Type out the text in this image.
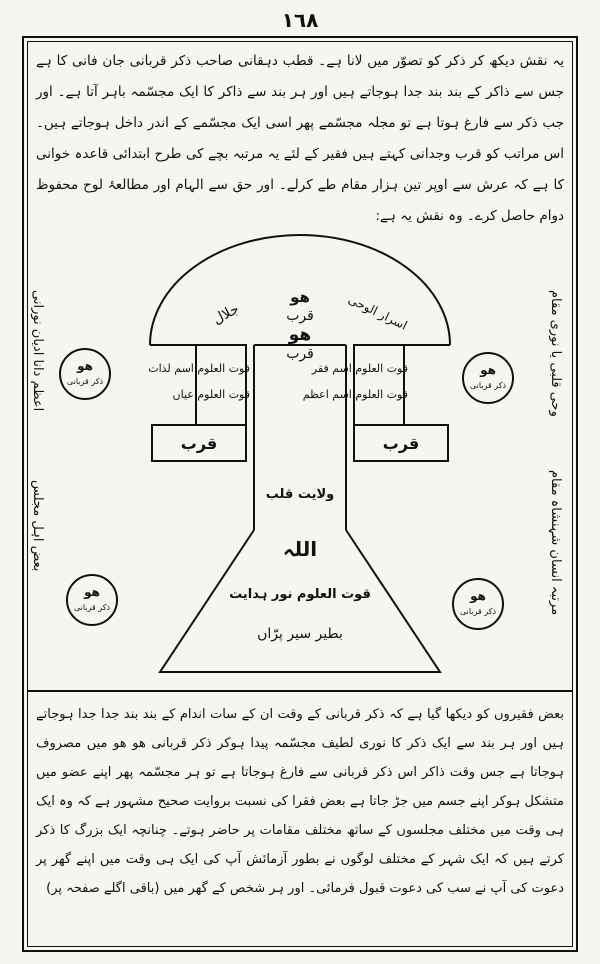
١٦٨
یہ نقش دیکھ کر ذکر کو تصوّر میں لانا ہے۔ قطب دہقانی صاحب ذکر قربانی جان فانی کا ہے جس سے ذاکر کے بند بند جدا ہوجاتے ہیں اور ہر بند سے ذاکر کا ایک مجسّمہ باہر آتا ہے۔ اور جب ذکر سے فارغ ہوتا ہے تو مجلہ مجسّمے پھر اسی ایک مجسّمے کے اندر داخل ہوجاتے ہیں۔ اس مراتب کو قرب وجدانی کہتے ہیں فقیر کے لئے یہ مرتبہ بچے کی طرح ابتدائی قاعدہ خوانی کا ہے کہ عرش سے اوپر تین ہزار مقام طے کرلے۔ اور حق سے الہام اور مطالعۂ لوح محفوظ دوام حاصل کرے۔ وہ نقش یہ ہے:
ھو
قرب
ھو
قرب
جلال	اسرار الوحی
قوت العلوم اسم لذات
قوت العلوم عیاں
قوت العلوم اسم فقر
قوت العلوم اسم اعظم
قرب	قرب
ولایت قلب
اللہ
قوت العلوم نور ہدایت
بطیر سیر پرّاں
ھو
ذکر قربانی
ھو
ذکر قربانی
ھو
ذکر قربانی
ھو
ذکر قربانی
اعظم دانا ادیان نورانی
بعض اہل مجلس
وحی قلبی یا نوری مقام
مرتبہ انسان شہنشاہ مقام
بعض فقیروں کو دیکھا گیا ہے کہ ذکر قربانی کے وقت ان کے سات اندام کے بند بند جدا جدا ہوجاتے ہیں اور ہر بند سے ایک ذکر کا نوری لطیف مجسّمہ پیدا ہوکر ذکر قربانی ھو ھو میں مصروف ہوجاتا ہے جس وقت ذاکر اس ذکر قربانی سے فارغ ہوجاتا ہے تو ہر مجسّمہ پھر اپنے عضو میں متشکل ہوکر اپنے جسم میں جڑ جاتا ہے بعض فقرا کی نسبت بروایت صحیح مشہور ہے کہ وہ ایک ہی وقت میں مختلف مجلسوں کے ساتھ مختلف مقامات پر حاضر ہوتے۔ چنانچہ ایک بزرگ کا ذکر کرتے ہیں کہ ایک شہر کے مختلف لوگوں نے بطور آزمائش آپ کی ایک ہی وقت میں اپنے گھر پر دعوت کی آپ نے سب کی دعوت قبول فرمائی۔ اور ہر شخص کے گھر میں (باقی اگلے صفحہ پر)
